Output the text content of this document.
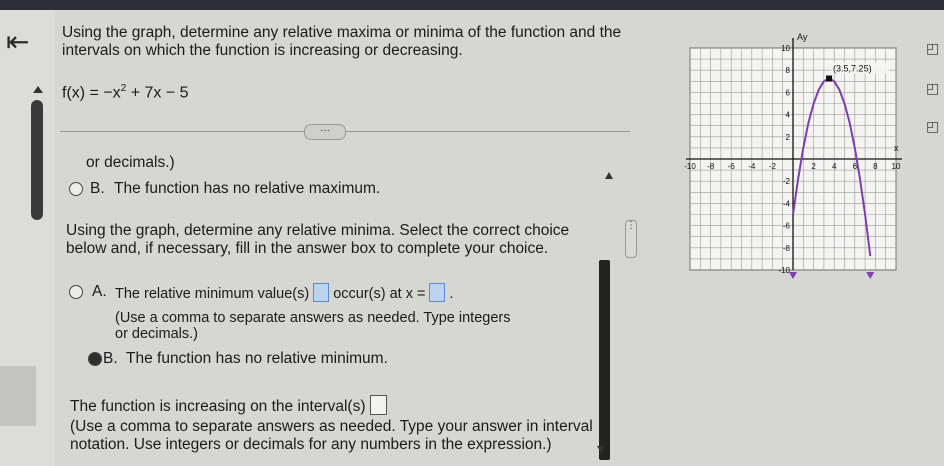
⇤ Using the graph, determine any relative maxima or minima of the function and the
intervals on which the function is increasing or decreasing.
$f(x) = -x^2 + 7x - 5$
···
or decimals.)
B. The function has no relative maximum.
Using the graph, determine any relative minima. Select the correct choice
below and, if necessary, fill in the answer box to complete your choice.
A. The relative minimum value(s) occur(s) at x = .
(Use a comma to separate answers as needed. Type integers
or decimals.)
B. The function has no relative minimum.
The function is increasing on the interval(s)
(Use a comma to separate answers as needed. Type your answer in interval
notation. Use integers or decimals for any numbers in the expression.)
⋮
◰
◰
◰
Ay
x
-10 -8 -6 -4 -2	2 4 6 8 10
10
8
6
4
2
-2
-4
-6
-8
-10
(3.5,7.25)
